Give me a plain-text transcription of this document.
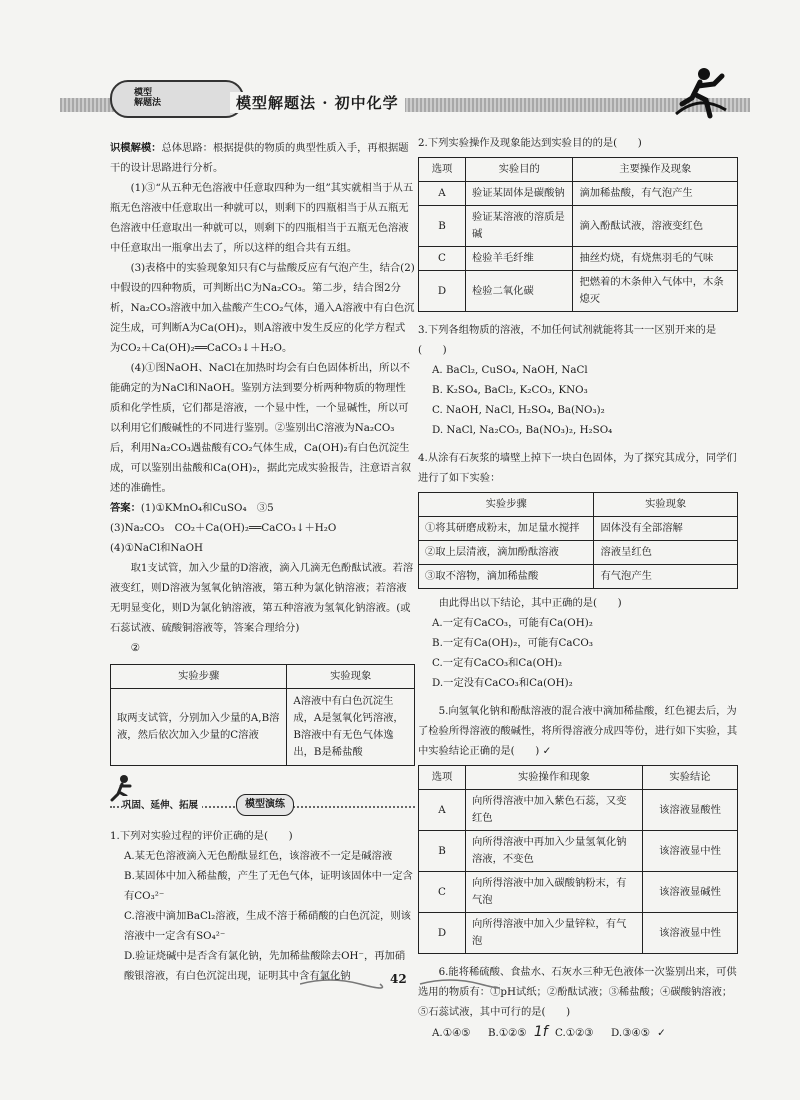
模型
解题法	模型解题法 · 初中化学

识模解模：总体思路：根据提供的物质的典型性质入手，再根据题干的设计思路进行分析。

(1)③“从五种无色溶液中任意取四种为一组”其实就相当于从五瓶无色溶液中任意取出一种就可以，则剩下的四瓶相当于从五瓶无色溶液中任意取出一种就可以，则剩下的四瓶相当于五瓶无色溶液中任意取出一瓶拿出去了，所以这样的组合共有五组。

(3)表格中的实验现象知只有C与盐酸反应有气泡产生，结合(2)中假设的四种物质，可判断出C为Na₂CO₃。第二步，结合图2分析，Na₂CO₃溶液中加入盐酸产生CO₂气体，通入A溶液中有白色沉淀生成，可判断A为Ca(OH)₂，则A溶液中发生反应的化学方程式为CO₂＋Ca(OH)₂══CaCO₃↓＋H₂O。

(4)①图NaOH、NaCl在加热时均会有白色固体析出，所以不能确定的为NaCl和NaOH。鉴别方法到要分析两种物质的物理性质和化学性质，它们都是溶液，一个显中性，一个显碱性，所以可以利用它们酸碱性的不同进行鉴别。②鉴别出C溶液为Na₂CO₃后，利用Na₂CO₃遇盐酸有CO₂气体生成，Ca(OH)₂有白色沉淀生成，可以鉴别出盐酸和Ca(OH)₂，据此完成实验报告，注意语言叙述的准确性。

答案：(1)①KMnO₄和CuSO₄　③5

(3)Na₂CO₃　CO₂＋Ca(OH)₂══CaCO₃↓＋H₂O

(4)①NaCl和NaOH

取1支试管，加入少量的D溶液，滴入几滴无色酚酞试液。若溶液变红，则D溶液为氢氧化钠溶液，第五种为氯化钠溶液；若溶液无明显变化，则D为氯化钠溶液，第五种溶液为氢氧化钠溶液。(或石蕊试液、硫酸铜溶液等，答案合理给分)

②

实验步骤	实验现象
取两支试管，分别加入少量的A,B溶液，然后依次加入少量的C溶液	A溶液中有白色沉淀生成，A是氢氧化钙溶液，B溶液中有无色气体逸出，B是稀盐酸
巩固、延伸、拓展	模型演练

1.下列对实验过程的评价正确的是(　　)

A.某无色溶液滴入无色酚酞显红色，该溶液不一定是碱溶液

B.某固体中加入稀盐酸，产生了无色气体，证明该固体中一定含有CO₃²⁻

C.溶液中滴加BaCl₂溶液，生成不溶于稀硝酸的白色沉淀，则该溶液中一定含有SO₄²⁻

D.验证烧碱中是否含有氯化钠，先加稀盐酸除去OH⁻，再加硝酸银溶液，有白色沉淀出现，证明其中含有氯化钠

2.下列实验操作及现象能达到实验目的的是(　　)

选项	实验目的	主要操作及现象
A	验证某固体是碳酸钠	滴加稀盐酸，有气泡产生
B	验证某溶液的溶质是碱	滴入酚酞试液，溶液变红色
C	检验羊毛纤维	抽丝灼烧，有烧焦羽毛的气味
D	检验二氧化碳	把燃着的木条伸入气体中，木条熄灭

3.下列各组物质的溶液，不加任何试剂就能将其一一区别开来的是(　　)

A. BaCl₂, CuSO₄, NaOH, NaCl

B. K₂SO₄, BaCl₂, K₂CO₃, KNO₃

C. NaOH, NaCl, H₂SO₄, Ba(NO₃)₂

D. NaCl, Na₂CO₃, Ba(NO₃)₂, H₂SO₄

4.从涂有石灰浆的墙壁上掉下一块白色固体，为了探究其成分，同学们进行了如下实验：

实验步骤	实验现象
①将其研磨成粉末，加足量水搅拌	固体没有全部溶解
②取上层清液，滴加酚酞溶液	溶液呈红色
③取不溶物，滴加稀盐酸	有气泡产生

由此得出以下结论，其中正确的是(　　)

A.一定有CaCO₃，可能有Ca(OH)₂

B.一定有Ca(OH)₂，可能有CaCO₃

C.一定有CaCO₃和Ca(OH)₂

D.一定没有CaCO₃和Ca(OH)₂

5.向氢氧化钠和酚酞溶液的混合液中滴加稀盐酸，红色褪去后，为了检验所得溶液的酸碱性，将所得溶液分成四等份，进行如下实验，其中实验结论正确的是(　　) ✓

选项	实验操作和现象	实验结论
A	向所得溶液中加入紫色石蕊，又变红色	该溶液显酸性
B	向所得溶液中再加入少量氢氧化钠溶液，不变色	该溶液显中性
C	向所得溶液中加入碳酸钠粉末，有气泡	该溶液显碱性
D	向所得溶液中加入少量锌粒，有气泡	该溶液显中性

6.能将稀硫酸、食盐水、石灰水三种无色液体一次鉴别出来，可供选用的物质有：①pH试纸；②酚酞试液；③稀盐酸；④碳酸钠溶液；⑤石蕊试液，其中可行的是(　　)

A.①④⑤　 B.①②⑤ 1f C.①②③　 D.③④⑤ ✓

42
